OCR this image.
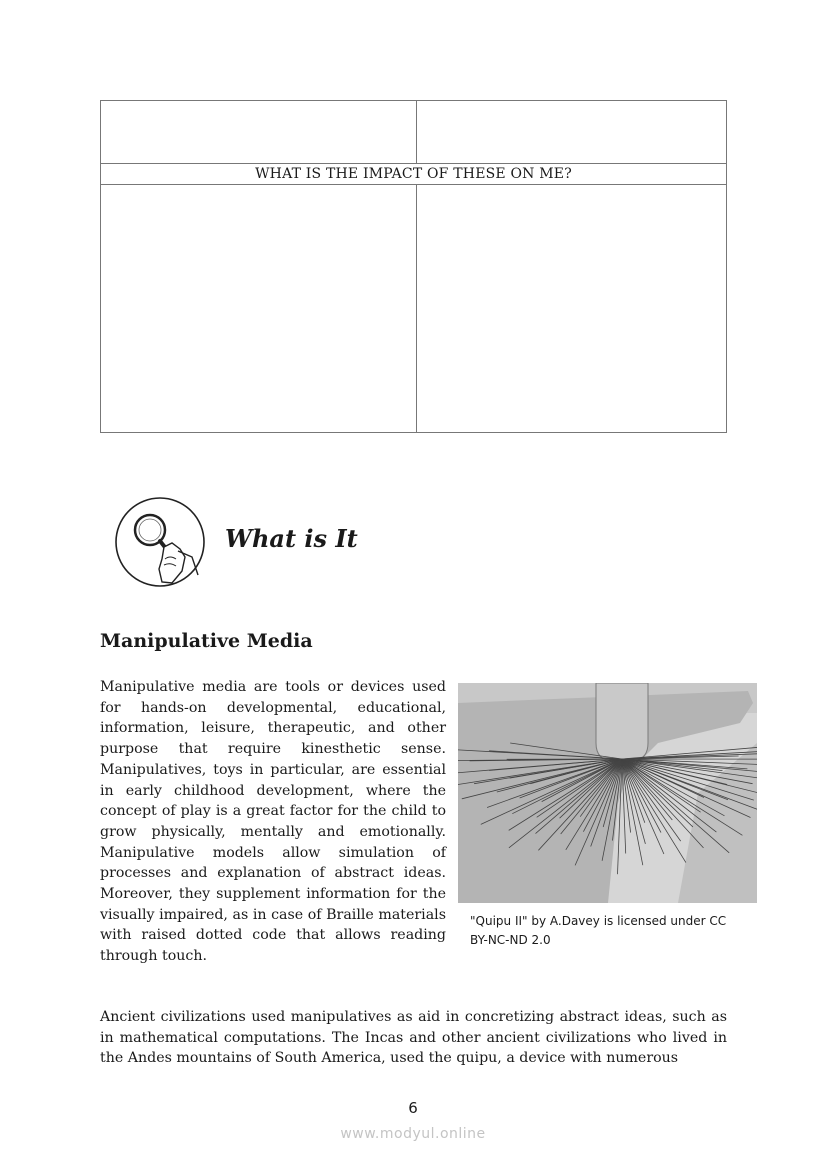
WHAT IS THE IMPACT OF THESE ON ME?
What is It
Manipulative Media

Manipulative media are tools or devices used for hands-on developmental, educational, information, leisure, therapeutic, and other purpose that require kinesthetic sense. Manipulatives, toys in particular, are essential in early childhood development, where the concept of play is a great factor for the child to grow physically, mentally and emotionally. Manipulative models allow simulation of processes and explanation of abstract ideas. Moreover, they supplement information for the visually impaired, as in case of Braille materials with raised dotted code that allows reading through touch.

"Quipu II" by A.Davey is licensed under CC BY-NC-ND 2.0

Ancient civilizations used manipulatives as aid in concretizing abstract ideas, such as in mathematical computations. The Incas and other ancient civilizations who lived in the Andes mountains of South America, used the quipu, a device with numerous

6
www.modyul.online
